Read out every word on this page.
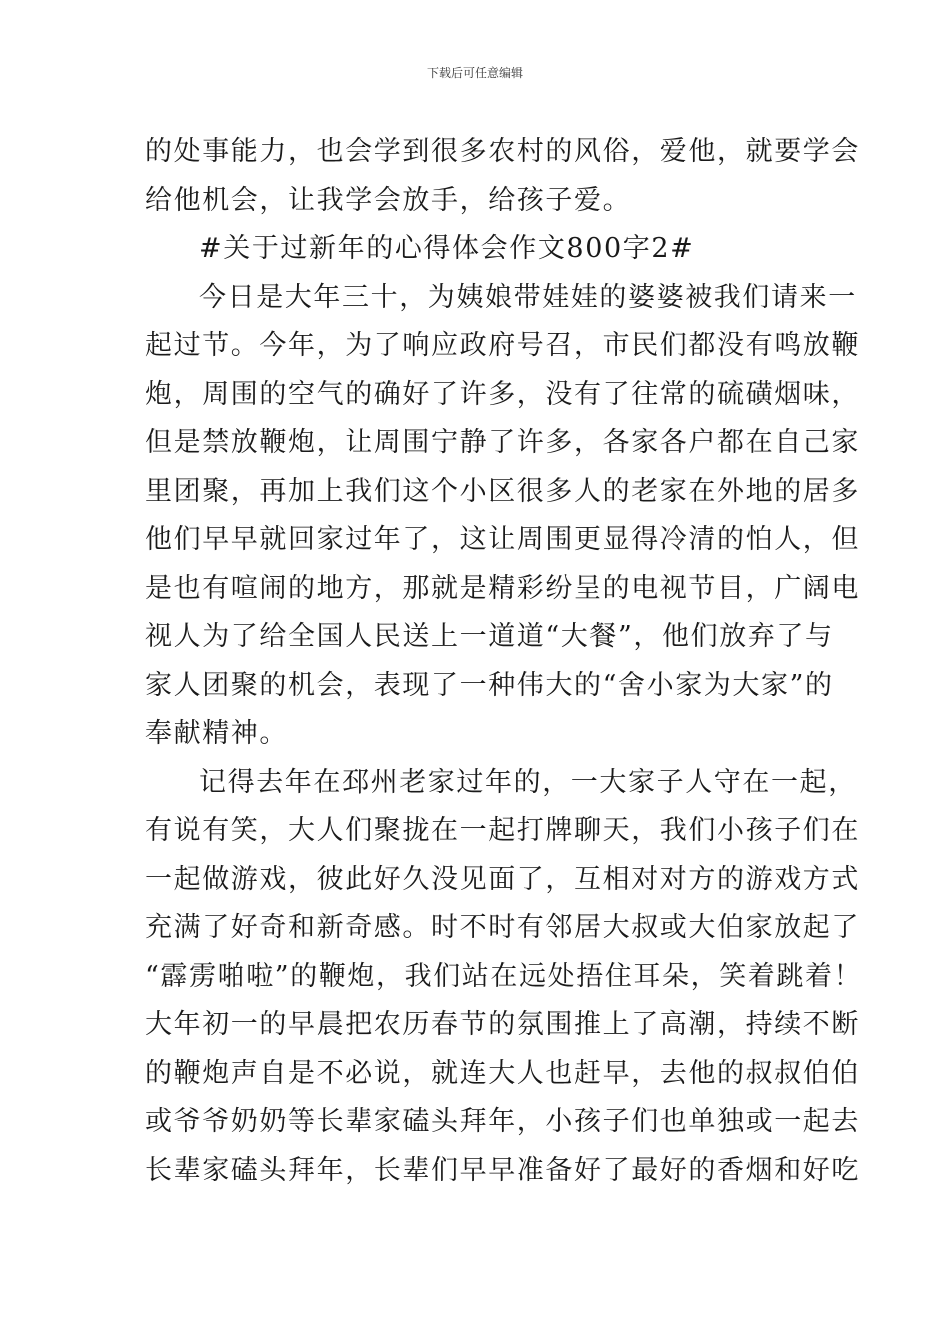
下载后可任意编辑
的处事能力，也会学到很多农村的风俗，爱他，就要学会
给他机会，让我学会放手，给孩子爱。
#关于过新年的心得体会作文800字2#
今日是大年三十，为姨娘带娃娃的婆婆被我们请来一
起过节。今年，为了响应政府号召，市民们都没有鸣放鞭
炮，周围的空气的确好了许多，没有了往常的硫磺烟味，
但是禁放鞭炮，让周围宁静了许多，各家各户都在自己家
里团聚，再加上我们这个小区很多人的老家在外地的居多
他们早早就回家过年了，这让周围更显得冷清的怕人，但
是也有喧闹的地方，那就是精彩纷呈的电视节目，广阔电
视人为了给全国人民送上一道道“大餐”，他们放弃了与
家人团聚的机会，表现了一种伟大的“舍小家为大家”的
奉献精神。
记得去年在邳州老家过年的，一大家子人守在一起，
有说有笑，大人们聚拢在一起打牌聊天，我们小孩子们在
一起做游戏，彼此好久没见面了，互相对对方的游戏方式
充满了好奇和新奇感。时不时有邻居大叔或大伯家放起了
“霹雳啪啦”的鞭炮，我们站在远处捂住耳朵，笑着跳着！
大年初一的早晨把农历春节的氛围推上了高潮，持续不断
的鞭炮声自是不必说，就连大人也赶早，去他的叔叔伯伯
或爷爷奶奶等长辈家磕头拜年，小孩子们也单独或一起去
长辈家磕头拜年，长辈们早早准备好了最好的香烟和好吃
